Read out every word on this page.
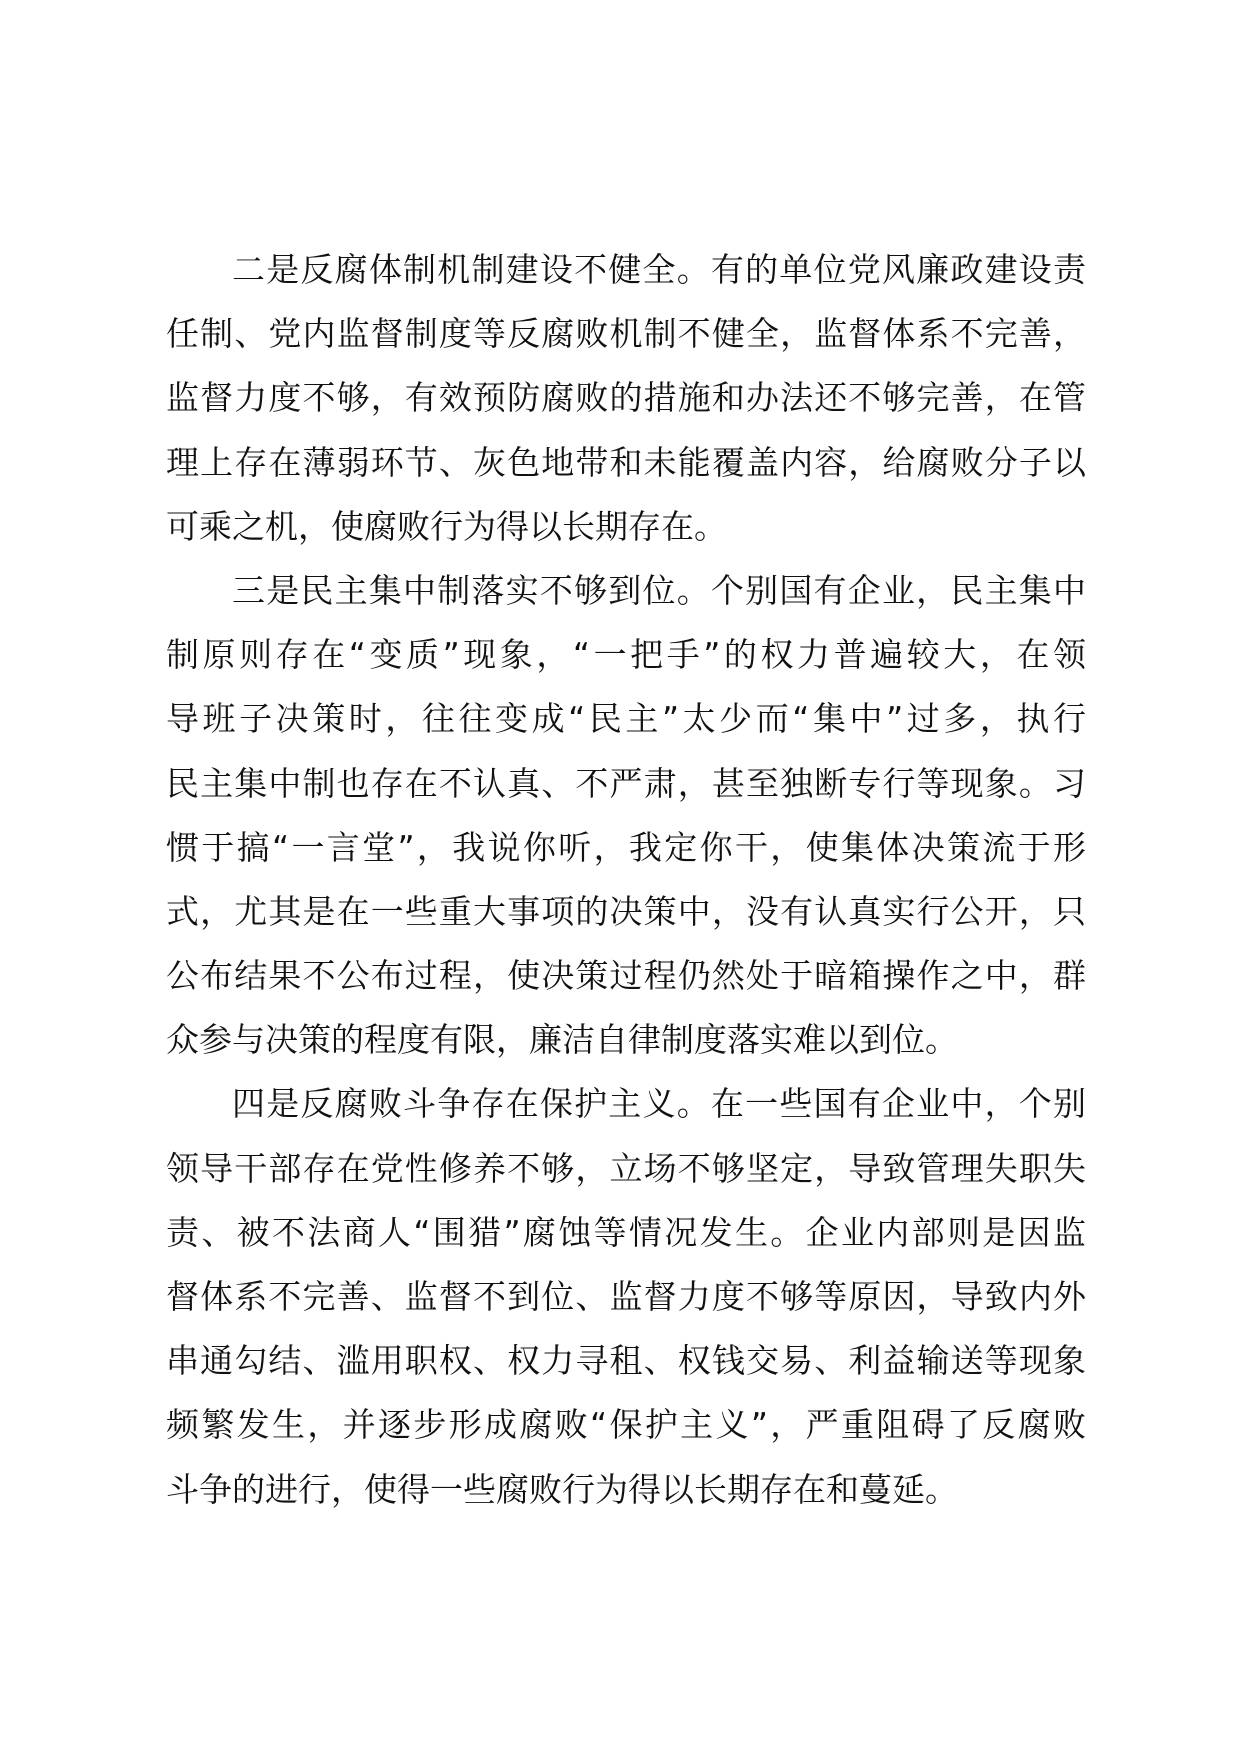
二是反腐体制机制建设不健全。有的单位党风廉政建设责
任制、党内监督制度等反腐败机制不健全，监督体系不完善，
监督力度不够，有效预防腐败的措施和办法还不够完善，在管
理上存在薄弱环节、灰色地带和未能覆盖内容，给腐败分子以
可乘之机，使腐败行为得以长期存在。
三是民主集中制落实不够到位。个别国有企业，民主集中
制原则存在“变质”现象，“一把手”的权力普遍较大，在领
导班子决策时，往往变成“民主”太少而“集中”过多，执行
民主集中制也存在不认真、不严肃，甚至独断专行等现象。习
惯于搞“一言堂”，我说你听，我定你干，使集体决策流于形
式，尤其是在一些重大事项的决策中，没有认真实行公开，只
公布结果不公布过程，使决策过程仍然处于暗箱操作之中，群
众参与决策的程度有限，廉洁自律制度落实难以到位。
四是反腐败斗争存在保护主义。在一些国有企业中，个别
领导干部存在党性修养不够，立场不够坚定，导致管理失职失
责、被不法商人“围猎”腐蚀等情况发生。企业内部则是因监
督体系不完善、监督不到位、监督力度不够等原因，导致内外
串通勾结、滥用职权、权力寻租、权钱交易、利益输送等现象
频繁发生，并逐步形成腐败“保护主义”，严重阻碍了反腐败
斗争的进行，使得一些腐败行为得以长期存在和蔓延。
